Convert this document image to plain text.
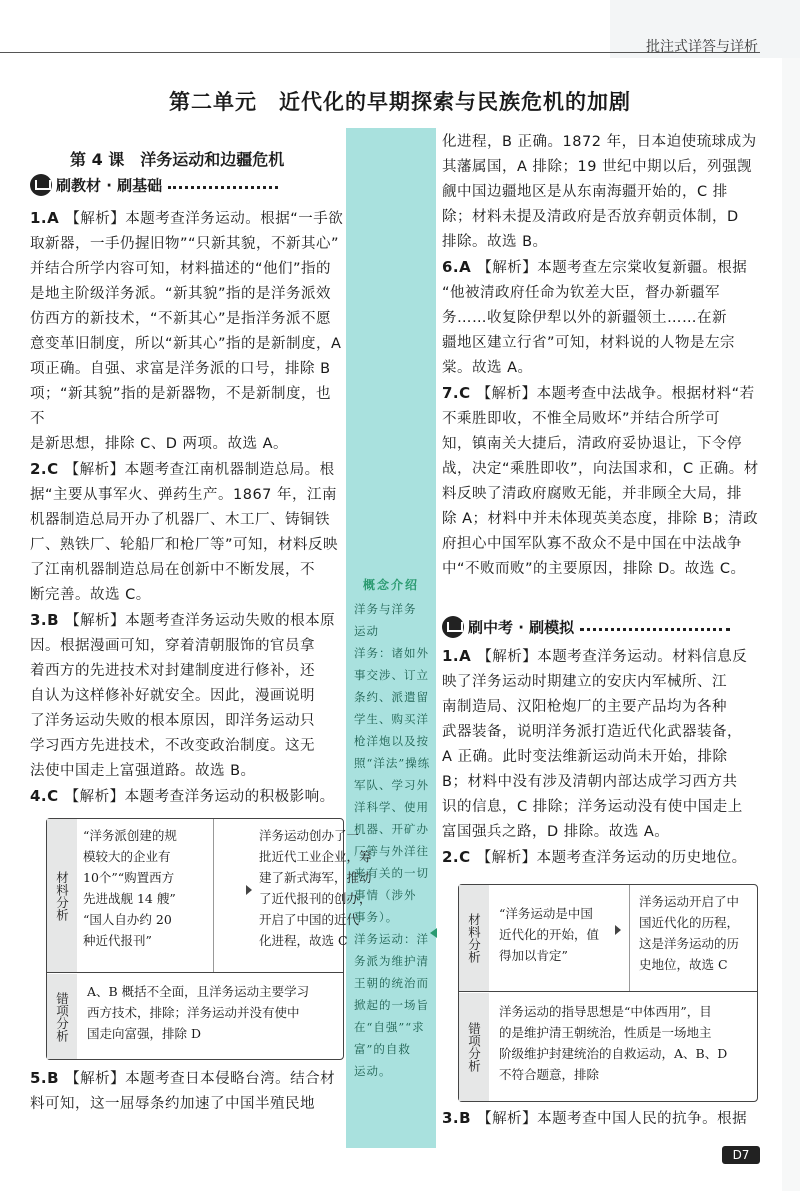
批注式详答与详析
第二单元　近代化的早期探索与民族危机的加剧
第 4 课　洋务运动和边疆危机
刷教材 · 刷基础

1.A 【解析】本题考查洋务运动。根据“一手欲

取新器，一手仍握旧物”“只新其貌，不新其心”

并结合所学内容可知，材料描述的“他们”指的

是地主阶级洋务派。“新其貌”指的是洋务派效

仿西方的新技术，“不新其心”是指洋务派不愿

意变革旧制度，所以“新其心”指的是新制度，A

项正确。自强、求富是洋务派的口号，排除 B

项；“新其貌”指的是新器物，不是新制度，也不

是新思想，排除 C、D 两项。故选 A。

2.C 【解析】本题考查江南机器制造总局。根

据“主要从事军火、弹药生产。1867 年，江南

机器制造总局开办了机器厂、木工厂、铸铜铁

厂、熟铁厂、轮船厂和枪厂等”可知，材料反映

了江南机器制造总局在创新中不断发展，不

断完善。故选 C。

3.B 【解析】本题考查洋务运动失败的根本原

因。根据漫画可知，穿着清朝服饰的官员拿

着西方的先进技术对封建制度进行修补，还

自认为这样修补好就安全。因此，漫画说明

了洋务运动失败的根本原因，即洋务运动只

学习西方先进技术，不改变政治制度。这无

法使中国走上富强道路。故选 B。

4.C 【解析】本题考查洋务运动的积极影响。

材料分析

“洋务派创建的规

模较大的企业有

10个”“购置西方

先进战舰 14 艘”

“国人自办约 20

种近代报刊”

洋务运动创办了一

批近代工业企业，筹

建了新式海军，推动

了近代报刊的创办，

开启了中国的近代

化进程，故选 C

错项分析 A、B 概括不全面，且洋务运动主要学习

西方技术，排除；洋务运动并没有使中

国走向富强，排除 D

5.B 【解析】本题考查日本侵略台湾。结合材

料可知，这一屈辱条约加速了中国半殖民地

概念介绍

洋务与洋务

运动

洋务：诸如外

事交涉、订立

条约、派遣留

学生、购买洋

枪洋炮以及按

照“洋法”操练

军队、学习外

洋科学、使用

机器、开矿办

厂等与外洋往

来有关的一切

事情（涉外

事务）。

洋务运动：洋

务派为维护清

王朝的统治而

掀起的一场旨

在“自强”“求

富”的自救

运动。

化进程，B 正确。1872 年，日本迫使琉球成为

其藩属国，A 排除；19 世纪中期以后，列强觊

觎中国边疆地区是从东南海疆开始的，C 排

除；材料未提及清政府是否放弃朝贡体制，D

排除。故选 B。

6.A 【解析】本题考查左宗棠收复新疆。根据

“他被清政府任命为钦差大臣，督办新疆军

务……收复除伊犁以外的新疆领土……在新

疆地区建立行省”可知，材料说的人物是左宗

棠。故选 A。

7.C 【解析】本题考查中法战争。根据材料“若

不乘胜即收，不惟全局败坏”并结合所学可

知，镇南关大捷后，清政府妥协退让，下令停

战，决定“乘胜即收”，向法国求和，C 正确。材

料反映了清政府腐败无能，并非顾全大局，排

除 A；材料中并未体现英美态度，排除 B；清政

府担心中国军队寡不敌众不是中国在中法战争

中“不败而败”的主要原因，排除 D。故选 C。

刷中考 · 刷模拟

1.A 【解析】本题考查洋务运动。材料信息反

映了洋务运动时期建立的安庆内军械所、江

南制造局、汉阳枪炮厂的主要产品均为各种

武器装备，说明洋务派打造近代化武器装备，

A 正确。此时变法维新运动尚未开始，排除

B；材料中没有涉及清朝内部达成学习西方共

识的信息，C 排除；洋务运动没有使中国走上

富国强兵之路，D 排除。故选 A。

2.C 【解析】本题考查洋务运动的历史地位。

材料分析 “洋务运动是中国

近代化的开始，值

得加以肯定”

洋务运动开启了中

国近代化的历程，

这是洋务运动的历

史地位，故选 C

错项分析

洋务运动的指导思想是“中体西用”，目

的是维护清王朝统治，性质是一场地主

阶级维护封建统治的自救运动，A、B、D

不符合题意，排除

3.B 【解析】本题考查中国人民的抗争。根据

D7
